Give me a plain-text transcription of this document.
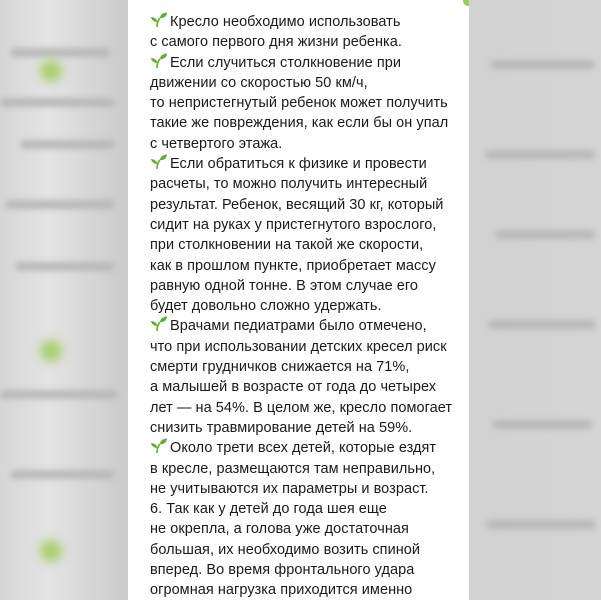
Кресло необходимо использовать
с самого первого дня жизни ребенка.
Если случиться столкновение при
движении со скоростью 50 км/ч,
то непристегнутый ребенок может получить
такие же повреждения, как если бы он упал
с четвертого этажа.
Если обратиться к физике и провести
расчеты, то можно получить интересный
результат. Ребенок, весящий 30 кг, который
сидит на руках у пристегнутого взрослого,
при столкновении на такой же скорости,
как в прошлом пункте, приобретает массу
равную одной тонне. В этом случае его
будет довольно сложно удержать.
Врачами педиатрами было отмечено,
что при использовании детских кресел риск
смерти грудничков снижается на 71%,
а малышей в возрасте от года до четырех
лет — на 54%. В целом же, кресло помогает
снизить травмирование детей на 59%.
Около трети всех детей, которые ездят
в кресле, размещаются там неправильно,
не учитываются их параметры и возраст.
6. Так как у детей до года шея еще
не окрепла, а голова уже достаточная
большая, их необходимо возить спиной
вперед. Во время фронтального удара
огромная нагрузка приходится именно
